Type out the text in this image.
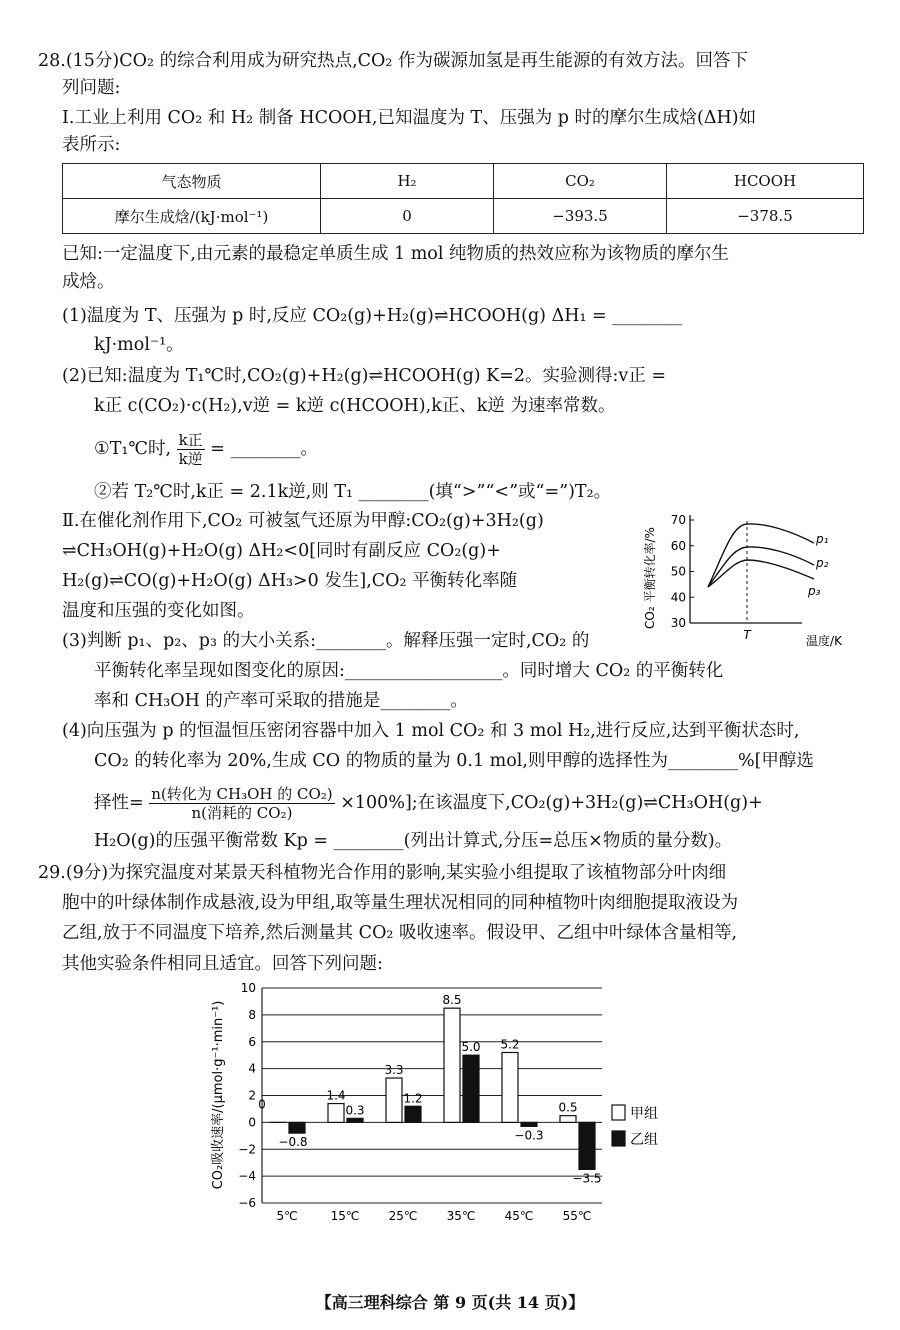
28.(15分)CO₂ 的综合利用成为研究热点,CO₂ 作为碳源加氢是再生能源的有效方法。回答下
列问题:
Ⅰ.工业上利用 CO₂ 和 H₂ 制备 HCOOH,已知温度为 T、压强为 p 时的摩尔生成焓(ΔH)如
表所示:
气态物质	H₂	CO₂	HCOOH
摩尔生成焓/(kJ·mol⁻¹)	0	−393.5	−378.5
已知:一定温度下,由元素的最稳定单质生成 1 mol 纯物质的热效应称为该物质的摩尔生
成焓。
(1)温度为 T、压强为 p 时,反应 CO₂(g)+H₂(g)⇌HCOOH(g) ΔH₁ = ________
kJ·mol⁻¹。
(2)已知:温度为 T₁℃时,CO₂(g)+H₂(g)⇌HCOOH(g) K=2。实验测得:v正 =
k正 c(CO₂)·c(H₂),v逆 = k逆 c(HCOOH),k正、k逆 为速率常数。
①T₁℃时, $\frac{\text{k正}}{\text{k逆}}$ = ________。
②若 T₂℃时,k正 = 2.1k逆,则 T₁ ________(填“>”“<”或“=”)T₂。
Ⅱ.在催化剂作用下,CO₂ 可被氢气还原为甲醇:CO₂(g)+3H₂(g)
⇌CH₃OH(g)+H₂O(g) ΔH₂<0[同时有副反应 CO₂(g)+
H₂(g)⇌CO(g)+H₂O(g) ΔH₃>0 发生],CO₂ 平衡转化率随
温度和压强的变化如图。	CO₂ 平衡转化率/%
70
60
50
40
30
T	温度/K
p₁
p₂
p₃
(3)判断 p₁、p₂、p₃ 的大小关系:________。解释压强一定时,CO₂ 的
平衡转化率呈现如图变化的原因:__________________。同时增大 CO₂ 的平衡转化
率和 CH₃OH 的产率可采取的措施是________。
(4)向压强为 p 的恒温恒压密闭容器中加入 1 mol CO₂ 和 3 mol H₂,进行反应,达到平衡状态时,
CO₂ 的转化率为 20%,生成 CO 的物质的量为 0.1 mol,则甲醇的选择性为________%[甲醇选
择性= $\frac{\text{n(转化为 CH₃OH 的 CO₂)}}{\text{n(消耗的 CO₂)}} \times 100\%$];在该温度下,CO₂(g)+3H₂(g)⇌CH₃OH(g)+
H₂O(g)的压强平衡常数 Kp = ________(列出计算式,分压=总压×物质的量分数)。
29.(9分)为探究温度对某景天科植物光合作用的影响,某实验小组提取了该植物部分叶肉细
胞中的叶绿体制作成悬液,设为甲组,取等量生理状况相同的同种植物叶肉细胞提取液设为
乙组,放于不同温度下培养,然后测量其 CO₂ 吸收速率。假设甲、乙组中叶绿体含量相等,
其他实验条件相同且适宜。回答下列问题:
CO₂吸收速率/(μmol·g⁻¹·min⁻¹)
10
8
6
4
2
0
−2
−4
−6
5℃	15℃ 25℃ 35℃ 45℃ 55℃
0
−0.8
1.4
0.3
3.3
1.2
8.5
5.0 5.2
−0.3
0.5
−3.5
甲组
乙组
【高三理科综合 第 9 页(共 14 页)】
